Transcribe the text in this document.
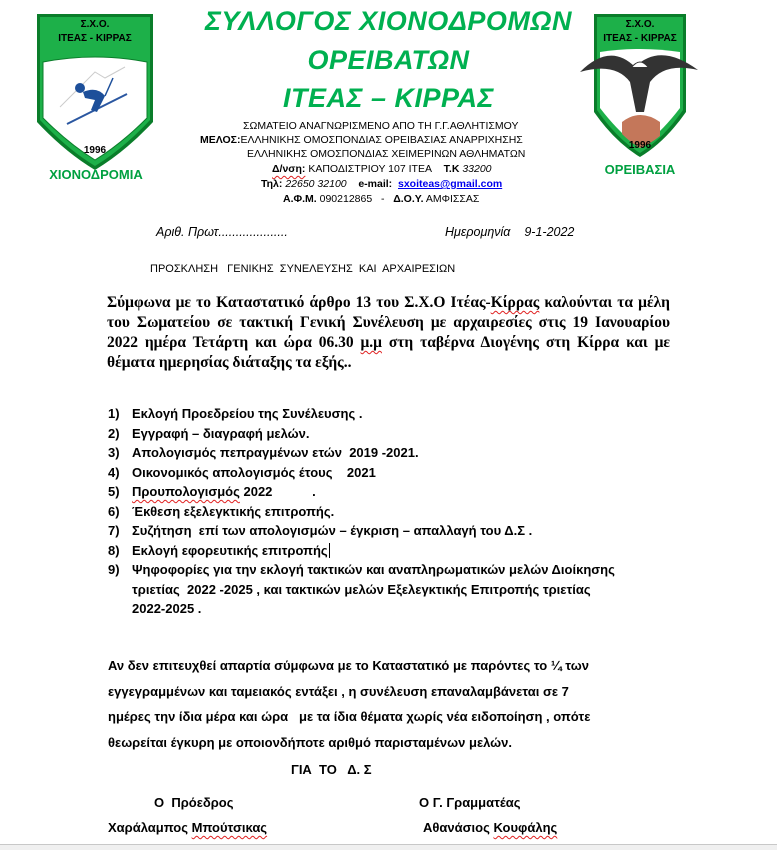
ΣΥΛΛΟΓΟΣ ΧΙΟΝΟΔΡΟΜΩΝ
ΟΡΕΙΒΑΤΩΝ
ΙΤΕΑΣ – ΚΙΡΡΑΣ
Σ.Χ.Ο.
ΙΤΕΑΣ - ΚΙΡΡΑΣ
1996
ΧΙΟΝΟΔΡΟΜΙΑ
Σ.Χ.Ο.
ΙΤΕΑΣ - ΚΙΡΡΑΣ
1996
ΟΡΕΙΒΑΣΙΑ
ΣΩΜΑΤΕΙΟ ΑΝΑΓΝΩΡΙΣΜΕΝΟ ΑΠΟ ΤΗ Γ.Γ.ΑΘΛΗΤΙΣΜΟΥ
ΜΕΛΟΣ:ΕΛΛΗΝΙΚΗΣ ΟΜΟΣΠΟΝΔΙΑΣ ΟΡΕΙΒΑΣΙΑΣ ΑΝΑΡΡΙΧΗΣΗΣ
ΕΛΛΗΝΙΚΗΣ ΟΜΟΣΠΟΝΔΙΑΣ ΧΕΙΜΕΡΙΝΩΝ ΑΘΛΗΜΑΤΩΝ
Δ/νση: ΚΑΠΟΔΙΣΤΡΙΟΥ 107 ΙΤΕΑ Τ.Κ 33200
Τηλ: 22650 32100 e-mail: sxoiteas@gmail.com
Α.Φ.Μ. 090212865 - Δ.Ο.Υ. ΑΜΦΙΣΣΑΣ
Αριθ. Πρωτ....................	Ημερομηνία 9-1-2022
ΠΡΟΣΚΛΗΣΗ   ΓΕΝΙΚΗΣ  ΣΥΝΕΛΕΥΣΗΣ  ΚΑΙ  ΑΡΧΑΙΡΕΣΙΩΝ
Σύμφωνα με το Καταστατικό άρθρο 13 του Σ.Χ.Ο Ιτέας-Κίρρας καλούνται τα μέλη του Σωματείου σε τακτική Γενική Συνέλευση με αρχαιρεσίες στις 19 Ιανουαρίου 2022 ημέρα Τετάρτη και ώρα 06.30 μ.μ στη ταβέρνα Διογένης στη Κίρρα και με θέματα ημερησίας διάταξης τα εξής..
1) Εκλογή Προεδρείου της Συνέλευσης .
2) Εγγραφή – διαγραφή μελών.
3) Απολογισμός πεπραγμένων ετών  2019 -2021.
4) Οικονομικός απολογισμός έτους    2021
5) Προυπολογισμός 2022           .
6) Έκθεση εξελεγκτικής επιτροπής.
7) Συζήτηση  επί των απολογισμών – έγκριση – απαλλαγή του Δ.Σ .
8) Εκλογή εφορευτικής επιτροπής
9) Ψηφοφορίες για την εκλογή τακτικών και αναπληρωματικών μελών Διοίκησης
τριετίας  2022 -2025 , και τακτικών μελών Εξελεγκτικής Επιτροπής τριετίας
2022-2025 .
Αν δεν επιτευχθεί απαρτία σύμφωνα με το Καταστατικό με παρόντες το ¼ των
εγγεγραμμένων και ταμειακός εντάξει , η συνέλευση επαναλαμβάνεται σε 7
ημέρες την ίδια μέρα και ώρα   με τα ίδια θέματα χωρίς νέα ειδοποίηση , οπότε
θεωρείται έγκυρη με οποιονδήποτε αριθμό παρισταμένων μελών.
ΓΙΑ  ΤΟ   Δ. Σ
Ο  Πρόεδρος	Ο Γ. Γραμματέας
Χαράλαμπος Μπούτσικας	Αθανάσιος Κουφάλης
